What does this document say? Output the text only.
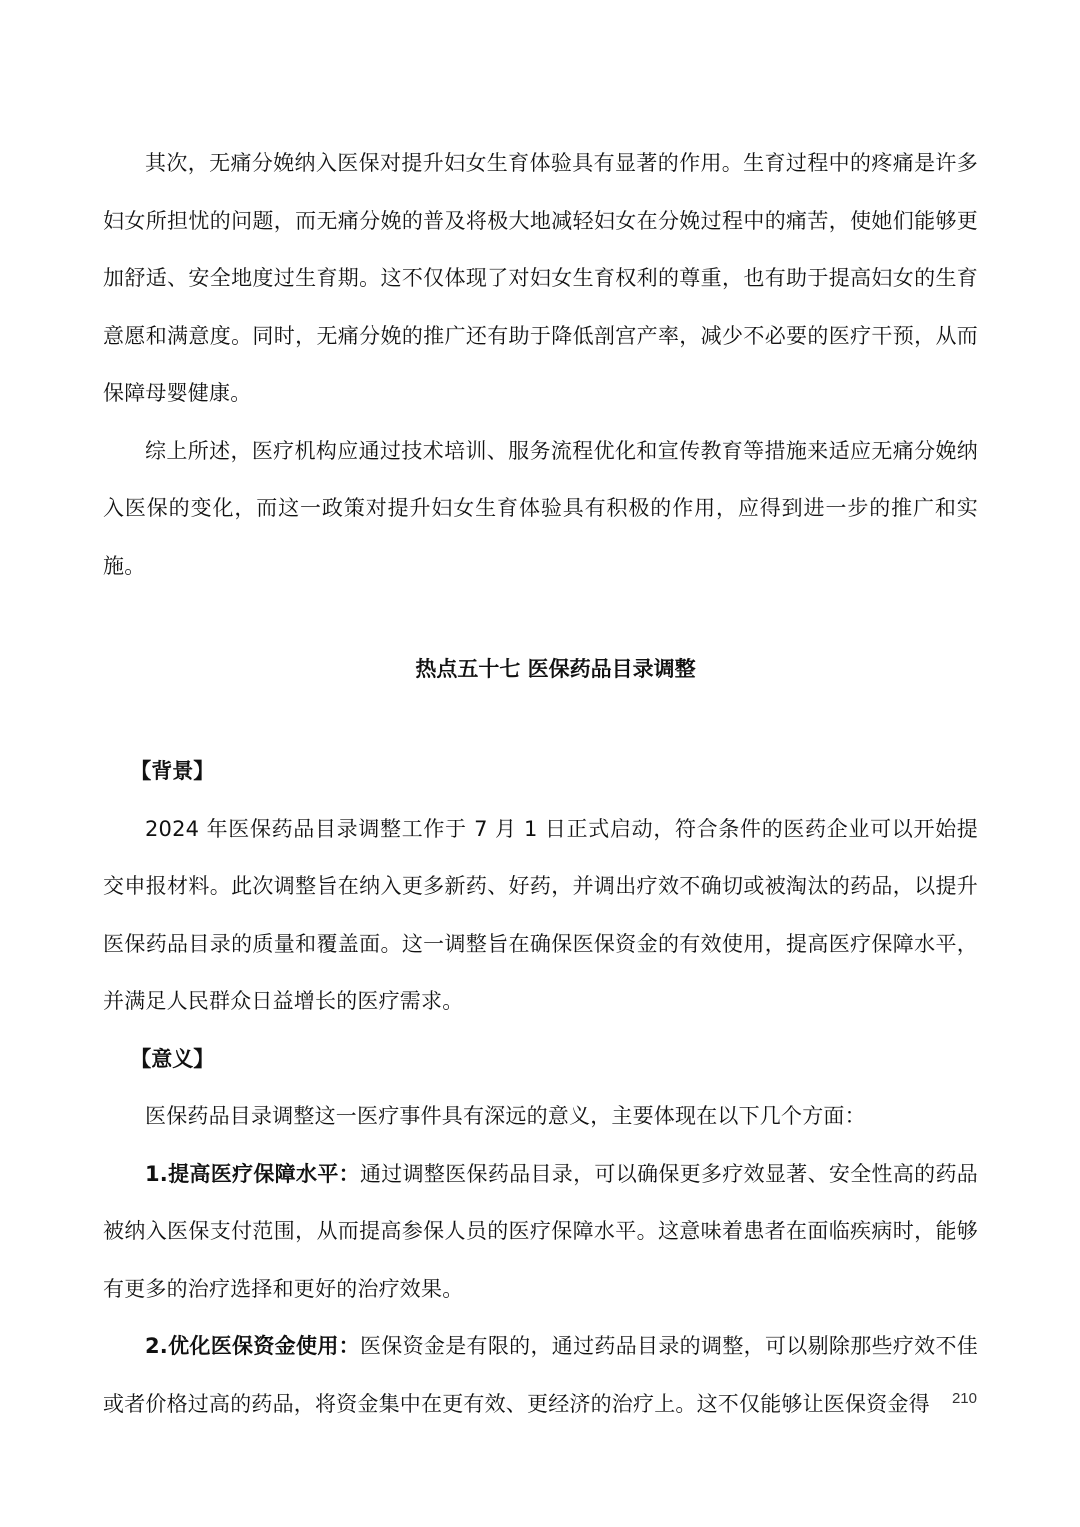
其次，无痛分娩纳入医保对提升妇女生育体验具有显著的作用。生育过程中的疼痛是许多妇女所担忧的问题，而无痛分娩的普及将极大地减轻妇女在分娩过程中的痛苦，使她们能够更加舒适、安全地度过生育期。这不仅体现了对妇女生育权利的尊重，也有助于提高妇女的生育意愿和满意度。同时，无痛分娩的推广还有助于降低剖宫产率，减少不必要的医疗干预，从而保障母婴健康。

综上所述，医疗机构应通过技术培训、服务流程优化和宣传教育等措施来适应无痛分娩纳入医保的变化，而这一政策对提升妇女生育体验具有积极的作用，应得到进一步的推广和实施。

热点五十七 医保药品目录调整
【背景】

2024 年医保药品目录调整工作于 7 月 1 日正式启动，符合条件的医药企业可以开始提交申报材料。此次调整旨在纳入更多新药、好药，并调出疗效不确切或被淘汰的药品，以提升医保药品目录的质量和覆盖面。这一调整旨在确保医保资金的有效使用，提高医疗保障水平，并满足人民群众日益增长的医疗需求。

【意义】

医保药品目录调整这一医疗事件具有深远的意义，主要体现在以下几个方面：

1.提高医疗保障水平：通过调整医保药品目录，可以确保更多疗效显著、安全性高的药品被纳入医保支付范围，从而提高参保人员的医疗保障水平。这意味着患者在面临疾病时，能够有更多的治疗选择和更好的治疗效果。

2.优化医保资金使用：医保资金是有限的，通过药品目录的调整，可以剔除那些疗效不佳或者价格过高的药品，将资金集中在更有效、更经济的治疗上。这不仅能够让医保资金得	210
